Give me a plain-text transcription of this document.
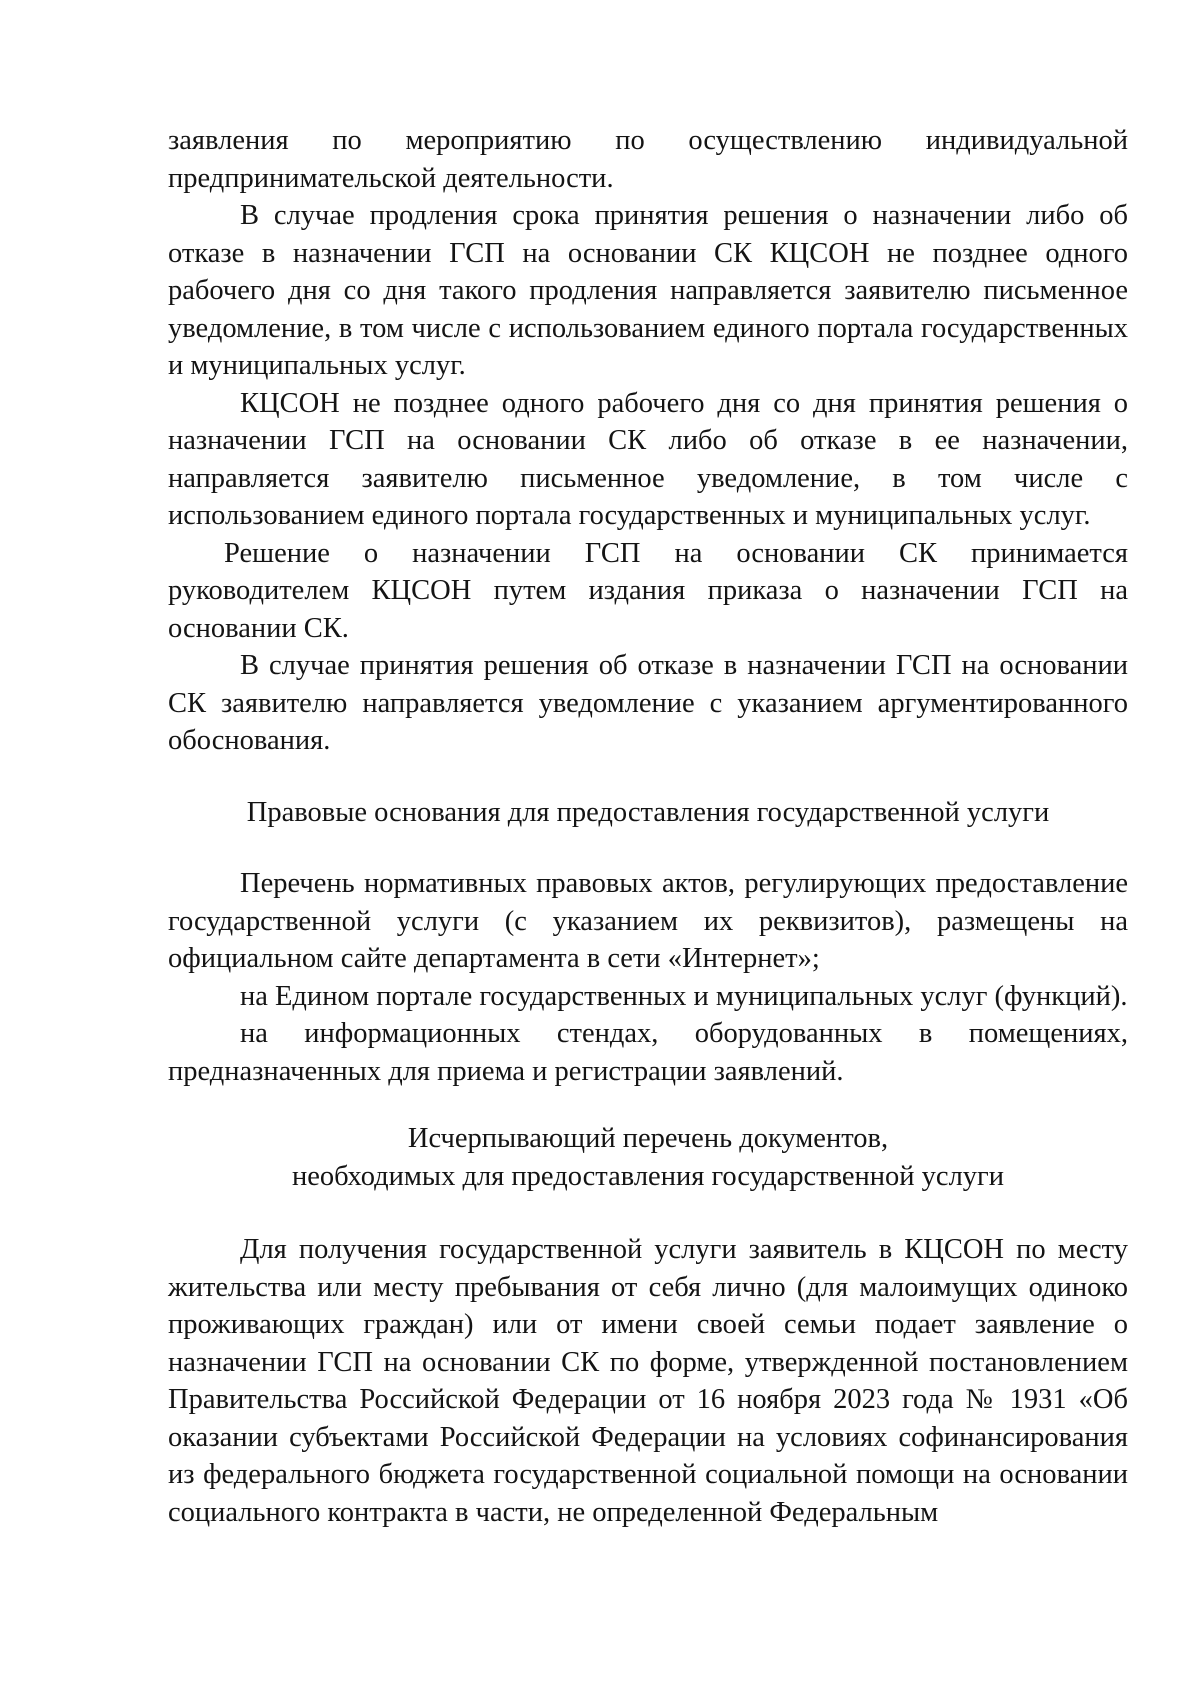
заявления по мероприятию по осуществлению индивидуальной предпринимательской деятельности.

В случае продления срока принятия решения о назначении либо об отказе в назначении ГСП на основании СК КЦСОН не позднее одного рабочего дня со дня такого продления направляется заявителю письменное уведомление, в том числе с использованием единого портала государственных и муниципальных услуг.

КЦСОН не позднее одного рабочего дня со дня принятия решения о назначении ГСП на основании СК либо об отказе в ее назначении, направляется заявителю письменное уведомление, в том числе с использованием единого портала государственных и муниципальных услуг.

Решение о назначении ГСП на основании СК принимается руководителем КЦСОН путем издания приказа о назначении ГСП на основании СК.

В случае принятия решения об отказе в назначении ГСП на основании СК заявителю направляется уведомление с указанием аргументированного обоснования.

Правовые основания для предоставления государственной услуги

Перечень нормативных правовых актов, регулирующих предоставление государственной услуги (с указанием их реквизитов), размещены на официальном сайте департамента в сети «Интернет»;

на Едином портале государственных и муниципальных услуг (функций).

на информационных стендах, оборудованных в помещениях, предназначенных для приема и регистрации заявлений.

Исчерпывающий перечень документов,
необходимых для предоставления государственной услуги

Для получения государственной услуги заявитель в КЦСОН по месту жительства или месту пребывания от себя лично (для малоимущих одиноко проживающих граждан) или от имени своей семьи подает заявление о назначении ГСП на основании СК по форме, утвержденной постановлением Правительства Российской Федерации от 16 ноября 2023 года № 1931 «Об оказании субъектами Российской Федерации на условиях софинансирования из федерального бюджета государственной социальной помощи на основании социального контракта в части, не определенной Федеральным
